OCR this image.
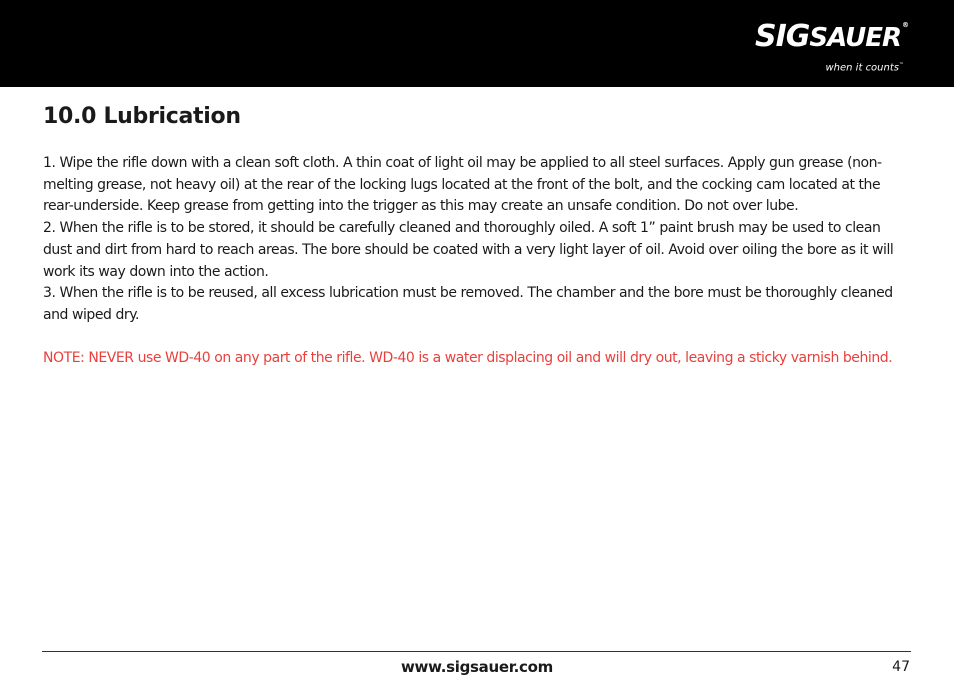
SIGSAUER®
when it counts™
10.0 Lubrication

1. Wipe the rifle down with a clean soft cloth. A thin coat of light oil may be applied to all steel surfaces. Apply gun grease (non-melting grease, not heavy oil) at the rear of the locking lugs located at the front of the bolt, and the cocking cam located at the rear-underside. Keep grease from getting into the trigger as this may create an unsafe condition. Do not over lube.

2. When the rifle is to be stored, it should be carefully cleaned and thoroughly oiled. A soft 1” paint brush may be used to clean dust and dirt from hard to reach areas. The bore should be coated with a very light layer of oil. Avoid over oiling the bore as it will work its way down into the action.

3. When the rifle is to be reused, all excess lubrication must be removed. The chamber and the bore must be thoroughly cleaned and wiped dry.

NOTE: NEVER use WD-40 on any part of the rifle. WD-40 is a water displacing oil and will dry out, leaving a sticky varnish behind.

www.sigsauer.com	47
